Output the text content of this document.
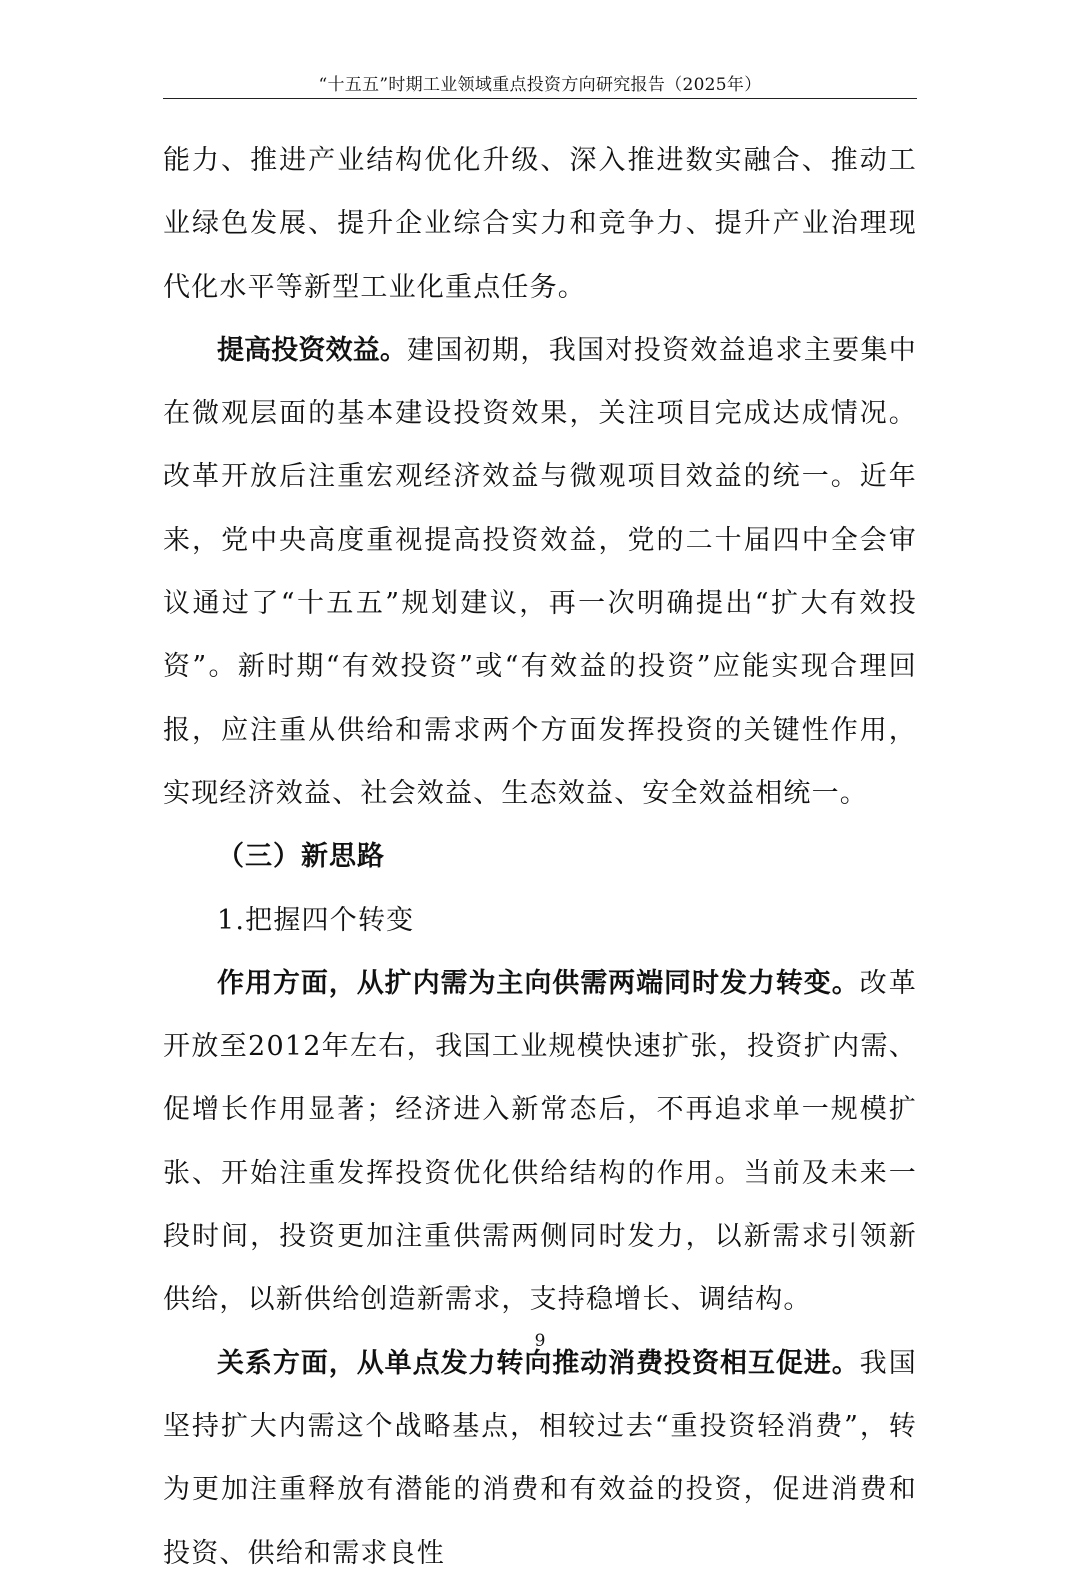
“十五五”时期工业领域重点投资方向研究报告（2025年）

能力、推进产业结构优化升级、深入推进数实融合、推动工业绿色发展、提升企业综合实力和竞争力、提升产业治理现代化水平等新型工业化重点任务。

提高投资效益。建国初期，我国对投资效益追求主要集中在微观层面的基本建设投资效果，关注项目完成达成情况。改革开放后注重宏观经济效益与微观项目效益的统一。近年来，党中央高度重视提高投资效益，党的二十届四中全会审议通过了“十五五”规划建议，再一次明确提出“扩大有效投资”。新时期“有效投资”或“有效益的投资”应能实现合理回报，应注重从供给和需求两个方面发挥投资的关键性作用，实现经济效益、社会效益、生态效益、安全效益相统一。

（三）新思路

1.把握四个转变

作用方面，从扩内需为主向供需两端同时发力转变。改革开放至2012年左右，我国工业规模快速扩张，投资扩内需、促增长作用显著；经济进入新常态后，不再追求单一规模扩张、开始注重发挥投资优化供给结构的作用。当前及未来一段时间，投资更加注重供需两侧同时发力，以新需求引领新供给，以新供给创造新需求，支持稳增长、调结构。

关系方面，从单点发力转向推动消费投资相互促进。我国坚持扩大内需这个战略基点，相较过去“重投资轻消费”，转为更加注重释放有潜能的消费和有效益的投资，促进消费和投资、供给和需求良性

9
